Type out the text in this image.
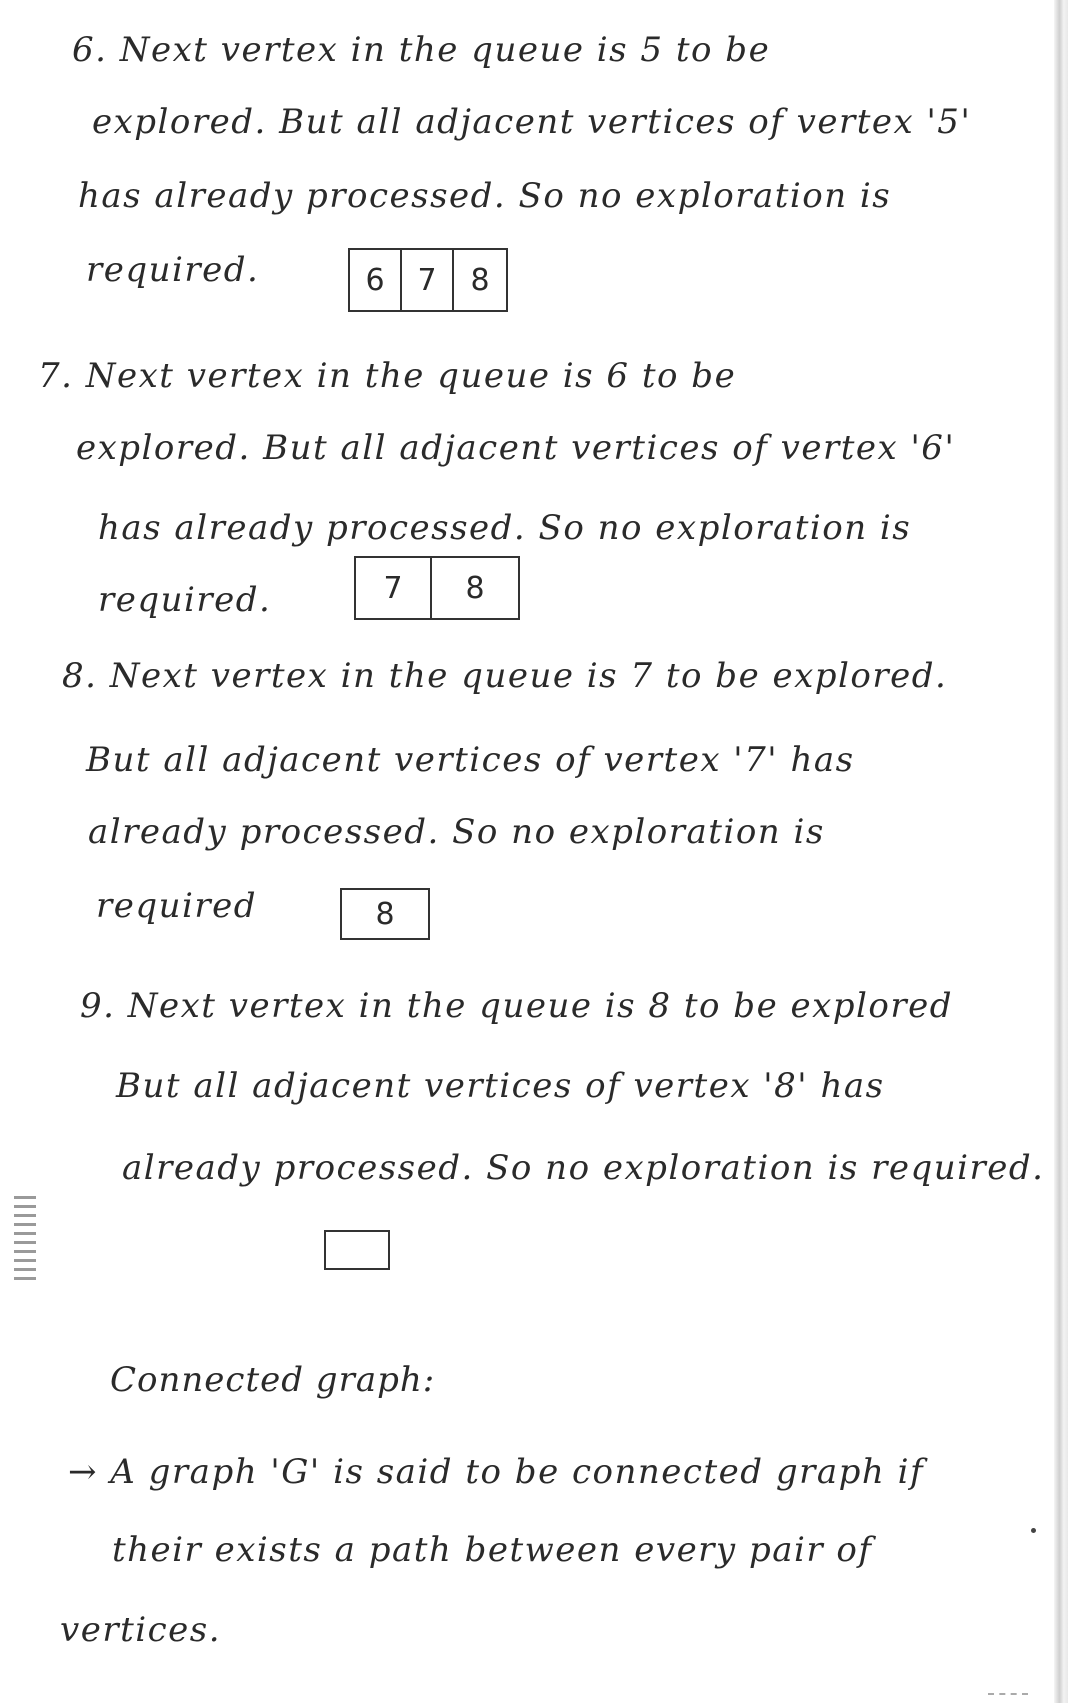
6. Next vertex in the queue is 5 to be
explored. But all adjacent vertices of vertex '5'
has already processed. So no exploration is
required.	6	7	8
7. Next vertex in the queue is 6 to be
explored. But all adjacent vertices of vertex '6'
has already processed. So no exploration is
required.	7	8
8. Next vertex in the queue is 7 to be explored.
But all adjacent vertices of vertex '7' has
already processed. So no exploration is
required	8
9. Next vertex in the queue is 8 to be explored
But all adjacent vertices of vertex '8' has
already processed. So no exploration is required.
Connected graph:
→ A graph 'G' is said to be connected graph if
their exists a path between every pair of
vertices.
